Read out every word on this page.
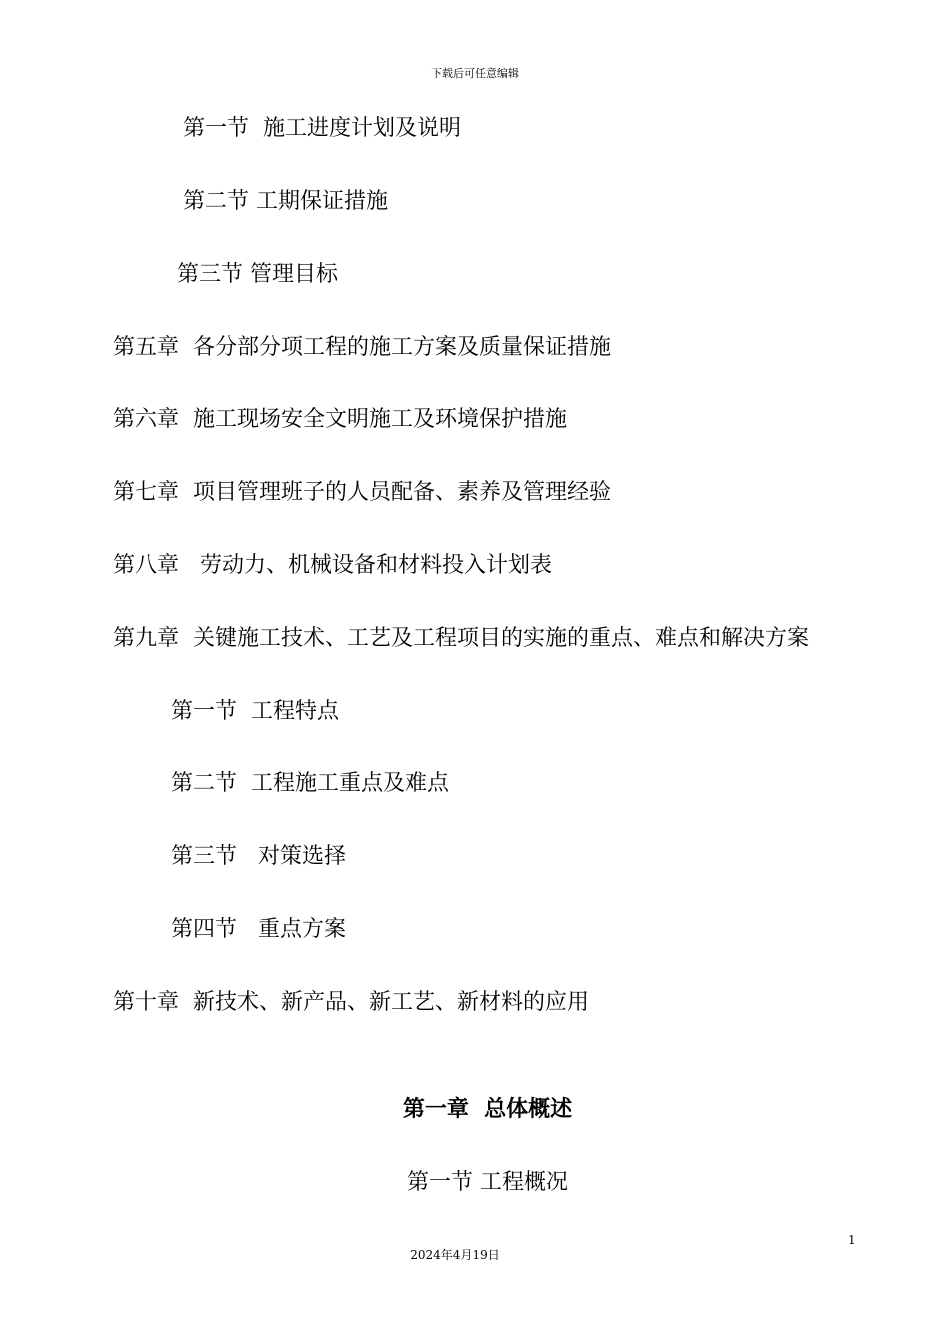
下载后可任意编辑
第一节  施工进度计划及说明
第二节 工期保证措施
第三节 管理目标
第五章  各分部分项工程的施工方案及质量保证措施
第六章  施工现场安全文明施工及环境保护措施
第七章  项目管理班子的人员配备、素养及管理经验
第八章   劳动力、机械设备和材料投入计划表
第九章  关键施工技术、工艺及工程项目的实施的重点、难点和解决方案
第一节  工程特点
第二节  工程施工重点及难点
第三节   对策选择
第四节   重点方案
第十章  新技术、新产品、新工艺、新材料的应用
第一章  总体概述
第一节 工程概况
1
2024年4月19日
